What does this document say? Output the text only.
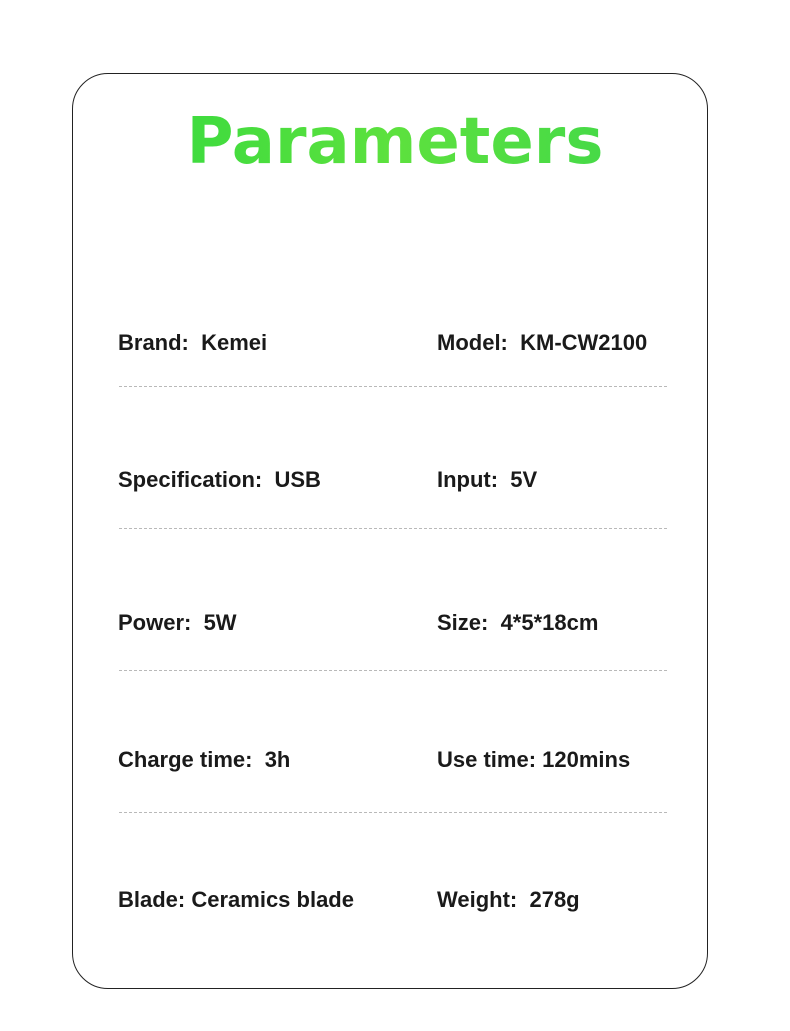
Parameters
Brand:  Kemei	Model:  KM-CW2100
Specification:  USB	Input:  5V
Power:  5W	Size:  4*5*18cm
Charge time:  3h	Use time: 120mins
Blade: Ceramics blade	Weight:  278g
